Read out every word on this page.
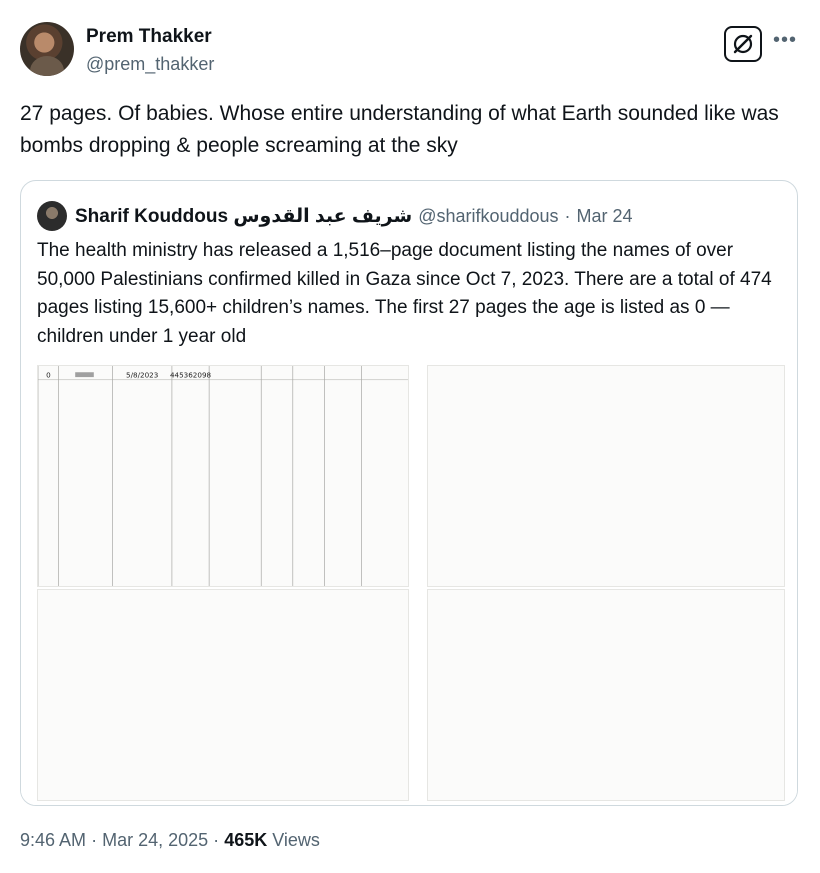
Prem Thakker
@prem_thakker
•••
27 pages. Of babies. Whose entire understanding of what Earth sounded like was bombs dropping & people screaming at the sky
Sharif Kouddous شريف عبد القدوس @sharifkouddous · Mar 24
The health ministry has released a 1,516–page document listing the names of over 50,000 Palestinians confirmed killed in Gaza since Oct 7, 2023. There are a total of 474 pages listing 15,600+ children’s names. The first 27 pages the age is listed as 0 — children under 1 year old
0	5/8/2023 445362098
9:46 AM · Mar 24, 2025 · 465K Views
